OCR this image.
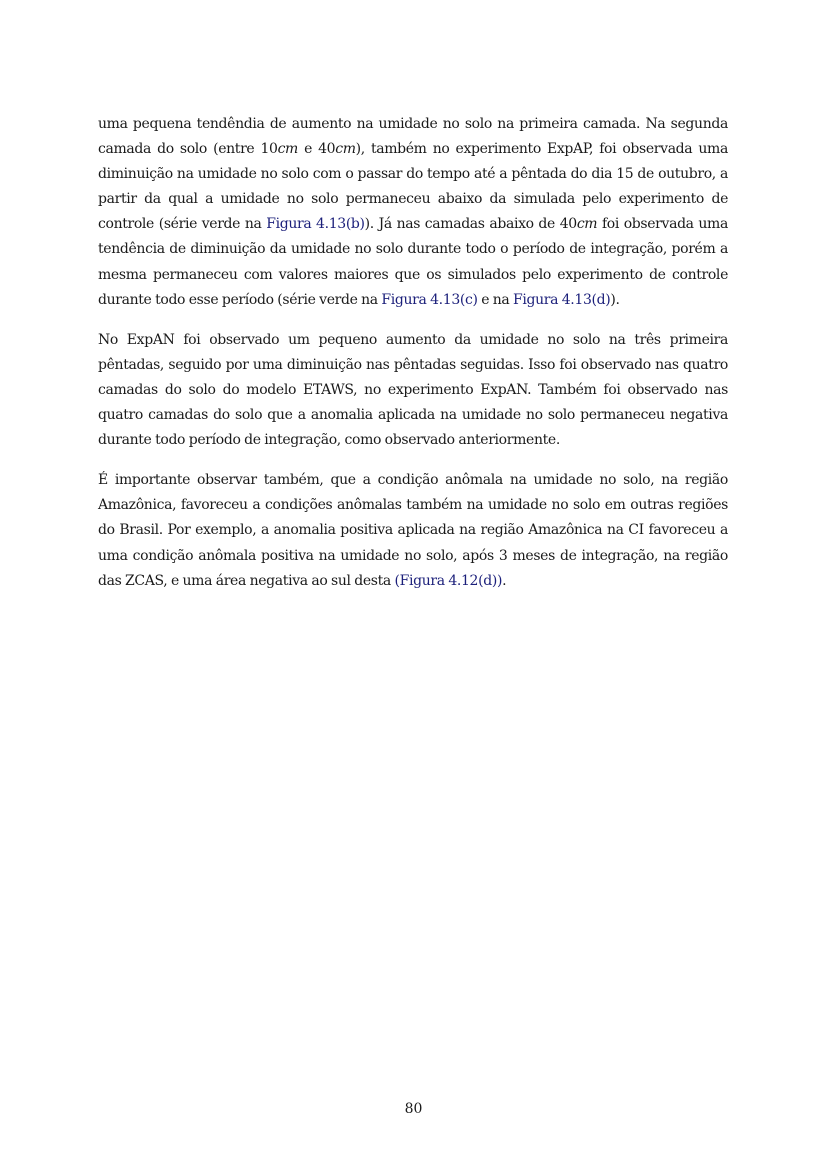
uma pequena tendêndia de aumento na umidade no solo na primeira camada. Na segunda camada do solo (entre 10cm e 40cm), também no experimento ExpAP, foi observada uma diminuição na umidade no solo com o passar do tempo até a pêntada do dia 15 de outubro, a partir da qual a umidade no solo permaneceu abaixo da simulada pelo experimento de controle (série verde na Figura 4.13(b)). Já nas camadas abaixo de 40cm foi observada uma tendência de diminuição da umidade no solo durante todo o período de integração, porém a mesma permaneceu com valores maiores que os simulados pelo experimento de controle durante todo esse período (série verde na Figura 4.13(c) e na Figura 4.13(d)).

No ExpAN foi observado um pequeno aumento da umidade no solo na três primeira pêntadas, seguido por uma diminuição nas pêntadas seguidas. Isso foi observado nas quatro camadas do solo do modelo ETAWS, no experimento ExpAN. Também foi observado nas quatro camadas do solo que a anomalia aplicada na umidade no solo permaneceu negativa durante todo período de integração, como observado anteriormente.

É importante observar também, que a condição anômala na umidade no solo, na região Amazônica, favoreceu a condições anômalas também na umidade no solo em outras regiões do Brasil. Por exemplo, a anomalia positiva aplicada na região Amazônica na CI favoreceu a uma condição anômala positiva na umidade no solo, após 3 meses de integração, na região das ZCAS, e uma área negativa ao sul desta (Figura 4.12(d)).

80
